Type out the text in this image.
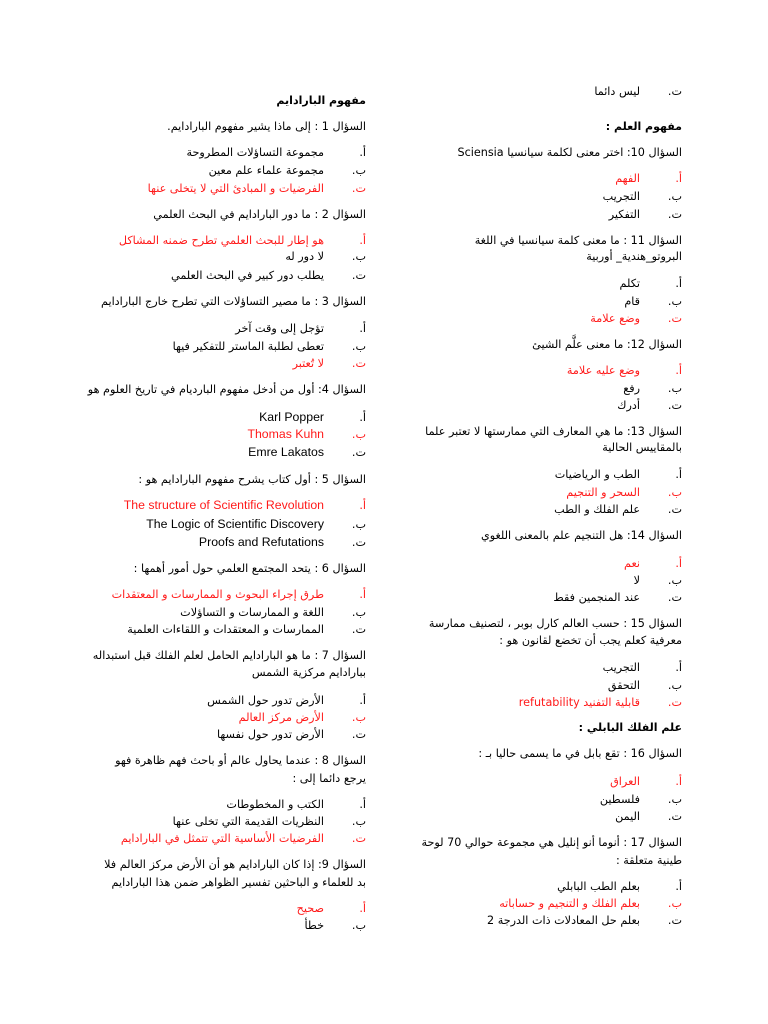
ت.ليس دائما
مفهوم العلم :
السؤال 10: اختر معنى لكلمة سيانسيا Sciensia
أ.الفهم
ب.التجريب
ت.التفكير
السؤال 11 : ما معنى كلمة سيانسيا في اللغة
البروتو_هندية_ أوربية
أ.تكلم
ب.قام
ت.وضع علامة
السؤال 12: ما معنى علَّم الشيئ
أ.وضع عليه علامة
ب.رفع
ت.أدرك
السؤال 13: ما هي المعارف التي ممارستها لا تعتبر علما
بالمقاييس الحالية
أ.الطب و الرياضيات
ب.السحر و التنجيم
ت.علم الفلك و الطب
السؤال 14: هل التنجيم علم بالمعنى اللغوي
أ.نعم
ب.لا
ت.عند المنجمين فقط
السؤال 15 : حسب العالم كارل بوبر ، لتصنيف ممارسة
معرفية كعلم يجب أن تخضع لقانون هو :
أ.التجريب
ب.التحقق
ت.قابلية التفنيد refutability
علم الفلك البابلي :
السؤال 16 : تقع بابل في ما يسمى حاليا بـ :
أ.العراق
ب.فلسطين
ت.اليمن
السؤال 17 : أنوما أنو إنليل هي مجموعة حوالي 70 لوحة
طينية متعلقة :
أ.بعلم الطب البابلي
ب.بعلم الفلك و التنجيم و حساباته
ت.بعلم حل المعادلات ذات الدرجة 2
مفهوم البارادايم
السؤال 1 : إلى ماذا يشير مفهوم البارادايم.
أ.مجموعة التساؤلات المطروحة
ب.مجموعة علماء علم معين
ت.الفرضيات و المبادئ التي لا يتخلى عنها
السؤال 2 : ما دور البارادايم في البحث العلمي
أ.هو إطار للبحث العلمي تطرح ضمنه المشاكل
ب.لا دور له
ت.يطلب دور كبير في البحث العلمي
السؤال 3 : ما مصير التساؤلات التي تطرح خارج البارادايم
أ.تؤجل إلى وقت آخر
ب.تعطى لطلبة الماستر للتفكير فيها
ت.لا تُعتبر
السؤال 4: أول من أدخل مفهوم البارديام في تاريخ العلوم هو
أ.Karl Popper
ب.Thomas Kuhn
ت.Emre Lakatos
السؤال 5 : أول كتاب يشرح مفهوم البارادايم هو :
أ.The structure of Scientific Revolution
ب.The Logic of Scientific Discovery
ت.Proofs and Refutations
السؤال 6 : يتحد المجتمع العلمي حول أمور أهمها :
أ.طرق إجراء البحوث و الممارسات و المعتقدات
ب.اللغة و الممارسات و التساؤلات
ت.الممارسات و المعتقدات و اللقاءات العلمية
السؤال 7 : ما هو البارادايم الحامل لعلم الفلك قبل استبداله
ببارادايم مركزية الشمس
أ.الأرض تدور حول الشمس
ب.الأرض مركز العالم
ت.الأرض تدور حول نفسها
السؤال 8 : عندما يحاول عالم أو باحث فهم ظاهرة فهو
يرجع دائما إلى :
أ.الكتب و المخطوطات
ب.النظريات القديمة التي تخلى عنها
ت.الفرضيات الأساسية التي تتمثل في البارادايم
السؤال 9: إذا كان البارادايم هو أن الأرض مركز العالم فلا
بد للعلماء و الباحثين تفسير الظواهر ضمن هذا البارادايم
أ.صحيح
ب.خطأ
